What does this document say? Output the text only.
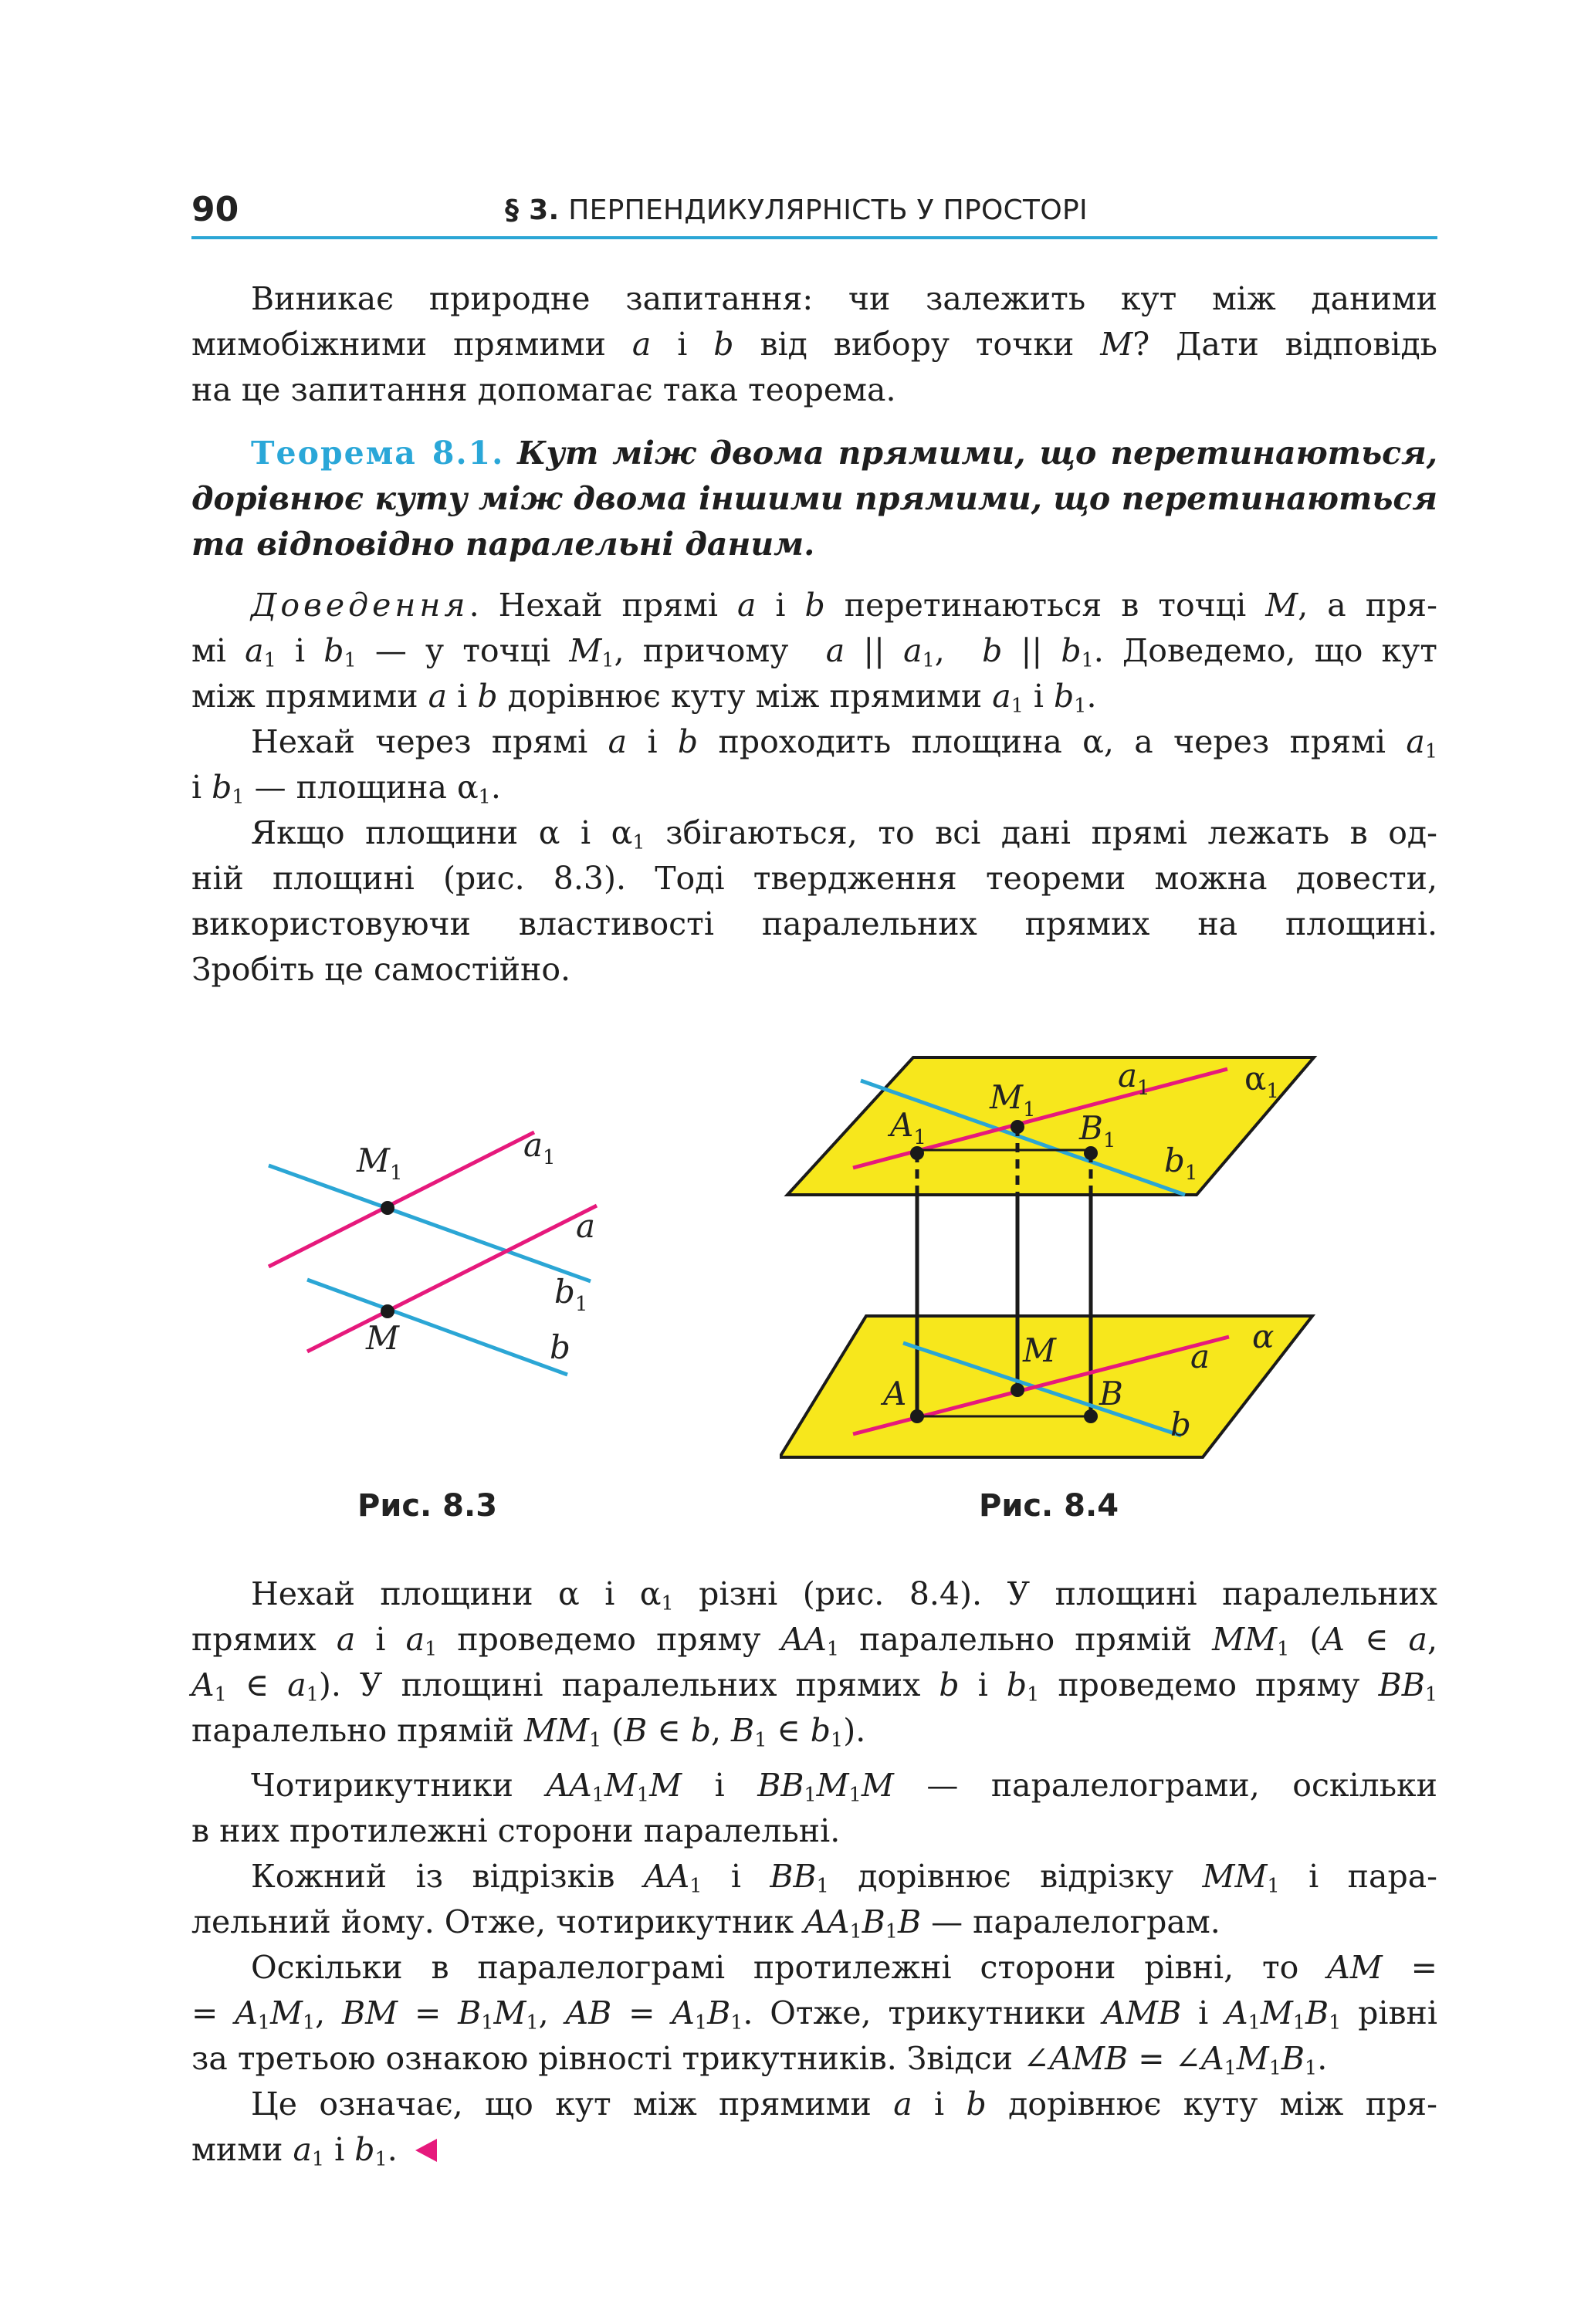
90	§ 3. ПЕРПЕНДИКУЛЯРНІСТЬ У ПРОСТОРІ
Виникає природне запитання: чи залежить кут між даними
мимобіжними прямими a і b від вибору точки M? Дати відповідь
на це запитання допомагає така теорема.
Теорема 8.1. Кут між двома прямими, що перетинаються,
дорівнює куту між двома іншими прямими, що перетинаються
та відповідно паралельні даним.
Доведення. Нехай прямі a і b перетинаються в точці M, а пря-
мі $a_1$ і $b_1$ — у точці $M_1$, причому  a || $a_1$,  b || $b_1$. Доведемо, що кут
між прямими a і b дорівнює куту між прямими $a_1$ і $b_1$.
Нехай через прямі a і b проходить площина α, а через прямі $a_1$
і $b_1$ — площина $\alpha_1$.
Якщо площини α і $\alpha_1$ збігаються, то всі дані прямі лежать в од-
ній площині (рис. 8.3). Тоді твердження теореми можна довести,
використовуючи властивості паралельних прямих на площині.
Зробіть це самостійно.
$M_1$
$a_1$
a
$b_1$
M	b
Рис. 8.3
$M_1$
$a_1$	$\alpha_1$
$A_1$	$B_1$
$b_1$
M	α
a
A	B
b
Рис. 8.4
Нехай площини α і $\alpha_1$ різні (рис. 8.4). У площині паралельних
прямих a і $a_1$ проведемо пряму $AA_1$ паралельно прямій $MM_1$ (A ∈ a,
$A_1$ ∈ $a_1$). У площині паралельних прямих b і $b_1$ проведемо пряму $BB_1$
паралельно прямій $MM_1$ (B ∈ b, $B_1$ ∈ $b_1$).
Чотирикутники $AA_1M_1M$ і $BB_1M_1M$ — паралелограми, оскільки
в них протилежні сторони паралельні.
Кожний із відрізків $AA_1$ і $BB_1$ дорівнює відрізку $MM_1$ і пара-
лельний йому. Отже, чотирикутник $AA_1B_1B$ — паралелограм.
Оскільки в паралелограмі протилежні сторони рівні, то AM =
= $A_1M_1$, BM = $B_1M_1$, AB = $A_1B_1$. Отже, трикутники AMB і $A_1M_1B_1$ рівні
за третьою ознакою рівності трикутників. Звідси ∠AMB = $\angle A_1M_1B_1$.
Це означає, що кут між прямими a і b дорівнює куту між пря-
мими $a_1$ і $b_1$.
